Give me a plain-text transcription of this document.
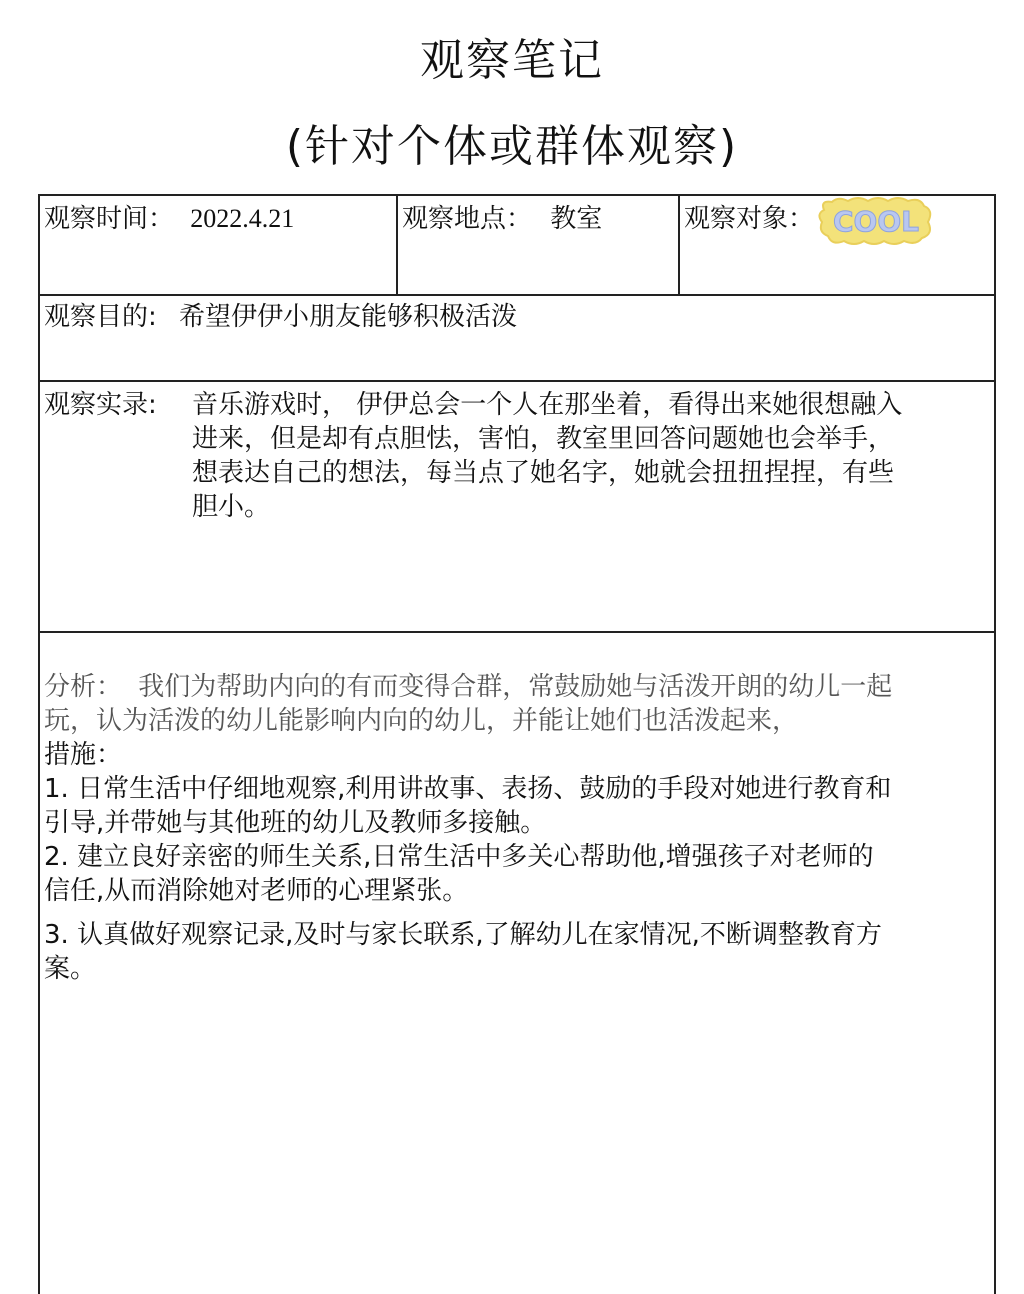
观察笔记
(针对个体或群体观察)
观察时间： 2022.4.21	观察地点： 教室	观察对象： COOL
观察目的: 希望伊伊小朋友能够积极活泼
观察实录: 音乐游戏时， 伊伊总会一个人在那坐着，看得出来她很想融入
进来，但是却有点胆怯，害怕，教室里回答问题她也会举手，
想表达自己的想法，每当点了她名字，她就会扭扭捏捏，有些
胆小。
分析： 我们为帮助内向的有而变得合群，常鼓励她与活泼开朗的幼儿一起
玩，认为活泼的幼儿能影响内向的幼儿，并能让她们也活泼起来，
措施：
1. 日常生活中仔细地观察,利用讲故事、表扬、鼓励的手段对她进行教育和
引导,并带她与其他班的幼儿及教师多接触。
2. 建立良好亲密的师生关系,日常生活中多关心帮助他,增强孩子对老师的
信任,从而消除她对老师的心理紧张。
3. 认真做好观察记录,及时与家长联系,了解幼儿在家情况,不断调整教育方
案。
